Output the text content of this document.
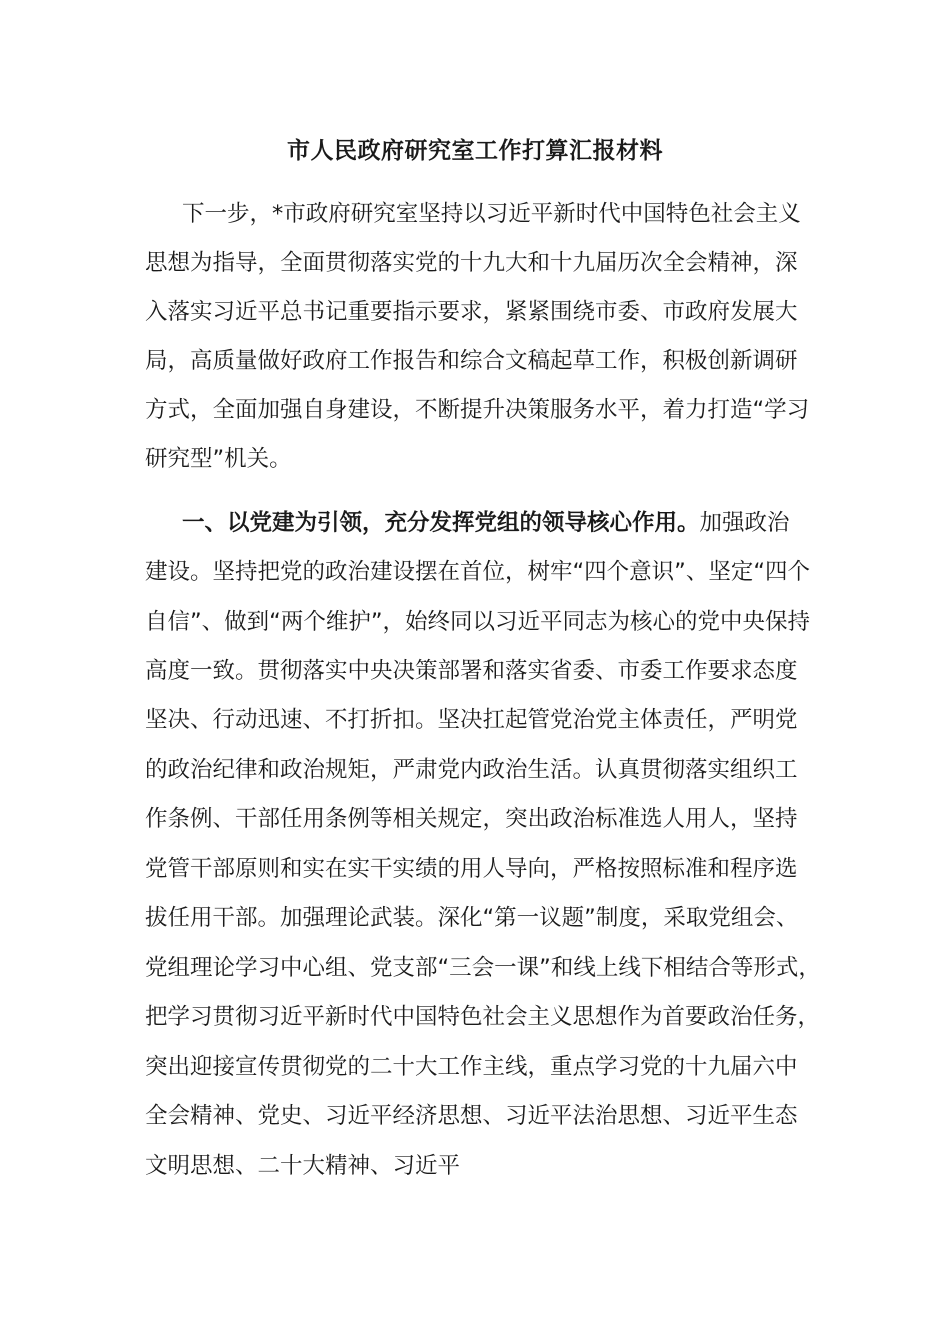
市人民政府研究室工作打算汇报材料
下一步，*市政府研究室坚持以习近平新时代中国特色社会主义
思想为指导，全面贯彻落实党的十九大和十九届历次全会精神，深
入落实习近平总书记重要指示要求，紧紧围绕市委、市政府发展大
局，高质量做好政府工作报告和综合文稿起草工作，积极创新调研
方式，全面加强自身建设，不断提升决策服务水平，着力打造“学习
研究型”机关。
一、以党建为引领，充分发挥党组的领导核心作用。加强政治
建设。坚持把党的政治建设摆在首位，树牢“四个意识”、坚定“四个
自信”、做到“两个维护”，始终同以习近平同志为核心的党中央保持
高度一致。贯彻落实中央决策部署和落实省委、市委工作要求态度
坚决、行动迅速、不打折扣。坚决扛起管党治党主体责任，严明党
的政治纪律和政治规矩，严肃党内政治生活。认真贯彻落实组织工
作条例、干部任用条例等相关规定，突出政治标准选人用人，坚持
党管干部原则和实在实干实绩的用人导向，严格按照标准和程序选
拔任用干部。加强理论武装。深化“第一议题”制度，采取党组会、
党组理论学习中心组、党支部“三会一课”和线上线下相结合等形式，
把学习贯彻习近平新时代中国特色社会主义思想作为首要政治任务，
突出迎接宣传贯彻党的二十大工作主线，重点学习党的十九届六中
全会精神、党史、习近平经济思想、习近平法治思想、习近平生态
文明思想、二十大精神、习近平
